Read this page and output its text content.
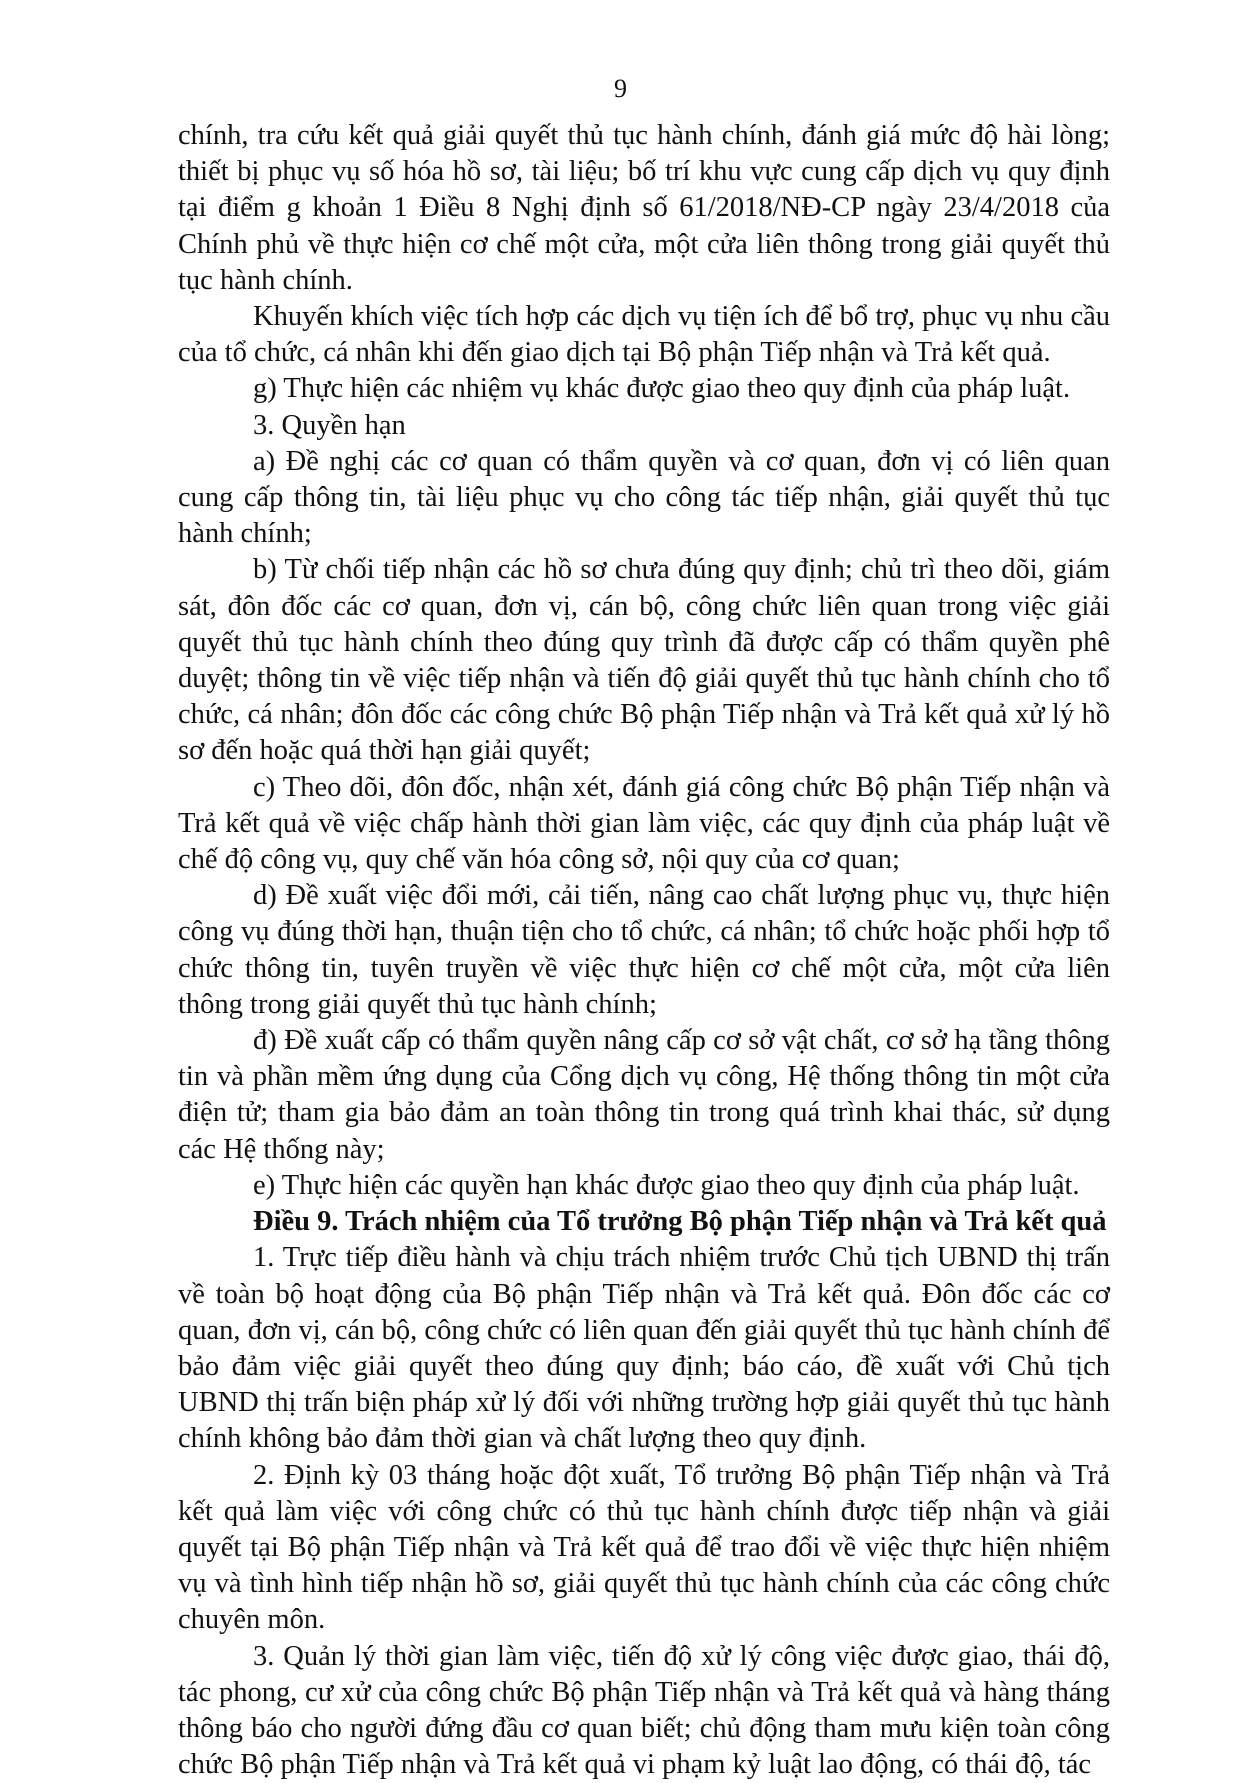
9

chính, tra cứu kết quả giải quyết thủ tục hành chính, đánh giá mức độ hài lòng; thiết bị phục vụ số hóa hồ sơ, tài liệu; bố trí khu vực cung cấp dịch vụ quy định tại điểm g khoản 1 Điều 8 Nghị định số 61/2018/NĐ-CP ngày 23/4/2018 của Chính phủ về thực hiện cơ chế một cửa, một cửa liên thông trong giải quyết thủ tục hành chính.

Khuyến khích việc tích hợp các dịch vụ tiện ích để bổ trợ, phục vụ nhu cầu của tổ chức, cá nhân khi đến giao dịch tại Bộ phận Tiếp nhận và Trả kết quả.

g) Thực hiện các nhiệm vụ khác được giao theo quy định của pháp luật.

3. Quyền hạn

a) Đề nghị các cơ quan có thẩm quyền và cơ quan, đơn vị có liên quan cung cấp thông tin, tài liệu phục vụ cho công tác tiếp nhận, giải quyết thủ tục hành chính;

b) Từ chối tiếp nhận các hồ sơ chưa đúng quy định; chủ trì theo dõi, giám sát, đôn đốc các cơ quan, đơn vị, cán bộ, công chức liên quan trong việc giải quyết thủ tục hành chính theo đúng quy trình đã được cấp có thẩm quyền phê duyệt; thông tin về việc tiếp nhận và tiến độ giải quyết thủ tục hành chính cho tổ chức, cá nhân; đôn đốc các công chức Bộ phận Tiếp nhận và Trả kết quả xử lý hồ sơ đến hoặc quá thời hạn giải quyết;

c) Theo dõi, đôn đốc, nhận xét, đánh giá công chức Bộ phận Tiếp nhận và Trả kết quả về việc chấp hành thời gian làm việc, các quy định của pháp luật về chế độ công vụ, quy chế văn hóa công sở, nội quy của cơ quan;

d) Đề xuất việc đổi mới, cải tiến, nâng cao chất lượng phục vụ, thực hiện công vụ đúng thời hạn, thuận tiện cho tổ chức, cá nhân; tổ chức hoặc phối hợp tổ chức thông tin, tuyên truyền về việc thực hiện cơ chế một cửa, một cửa liên thông trong giải quyết thủ tục hành chính;

đ) Đề xuất cấp có thẩm quyền nâng cấp cơ sở vật chất, cơ sở hạ tầng thông tin và phần mềm ứng dụng của Cổng dịch vụ công, Hệ thống thông tin một cửa điện tử; tham gia bảo đảm an toàn thông tin trong quá trình khai thác, sử dụng các Hệ thống này;

e) Thực hiện các quyền hạn khác được giao theo quy định của pháp luật.

Điều 9. Trách nhiệm của Tổ trưởng Bộ phận Tiếp nhận và Trả kết quả

1. Trực tiếp điều hành và chịu trách nhiệm trước Chủ tịch UBND thị trấn về toàn bộ hoạt động của Bộ phận Tiếp nhận và Trả kết quả. Đôn đốc các cơ quan, đơn vị, cán bộ, công chức có liên quan đến giải quyết thủ tục hành chính để bảo đảm việc giải quyết theo đúng quy định; báo cáo, đề xuất với Chủ tịch UBND thị trấn biện pháp xử lý đối với những trường hợp giải quyết thủ tục hành chính không bảo đảm thời gian và chất lượng theo quy định.

2. Định kỳ 03 tháng hoặc đột xuất, Tổ trưởng Bộ phận Tiếp nhận và Trả kết quả làm việc với công chức có thủ tục hành chính được tiếp nhận và giải quyết tại Bộ phận Tiếp nhận và Trả kết quả để trao đổi về việc thực hiện nhiệm vụ và tình hình tiếp nhận hồ sơ, giải quyết thủ tục hành chính của các công chức chuyên môn.

3. Quản lý thời gian làm việc, tiến độ xử lý công việc được giao, thái độ, tác phong, cư xử của công chức Bộ phận Tiếp nhận và Trả kết quả và hàng tháng thông báo cho người đứng đầu cơ quan biết; chủ động tham mưu kiện toàn công chức Bộ phận Tiếp nhận và Trả kết quả vi phạm kỷ luật lao động, có thái độ, tác
